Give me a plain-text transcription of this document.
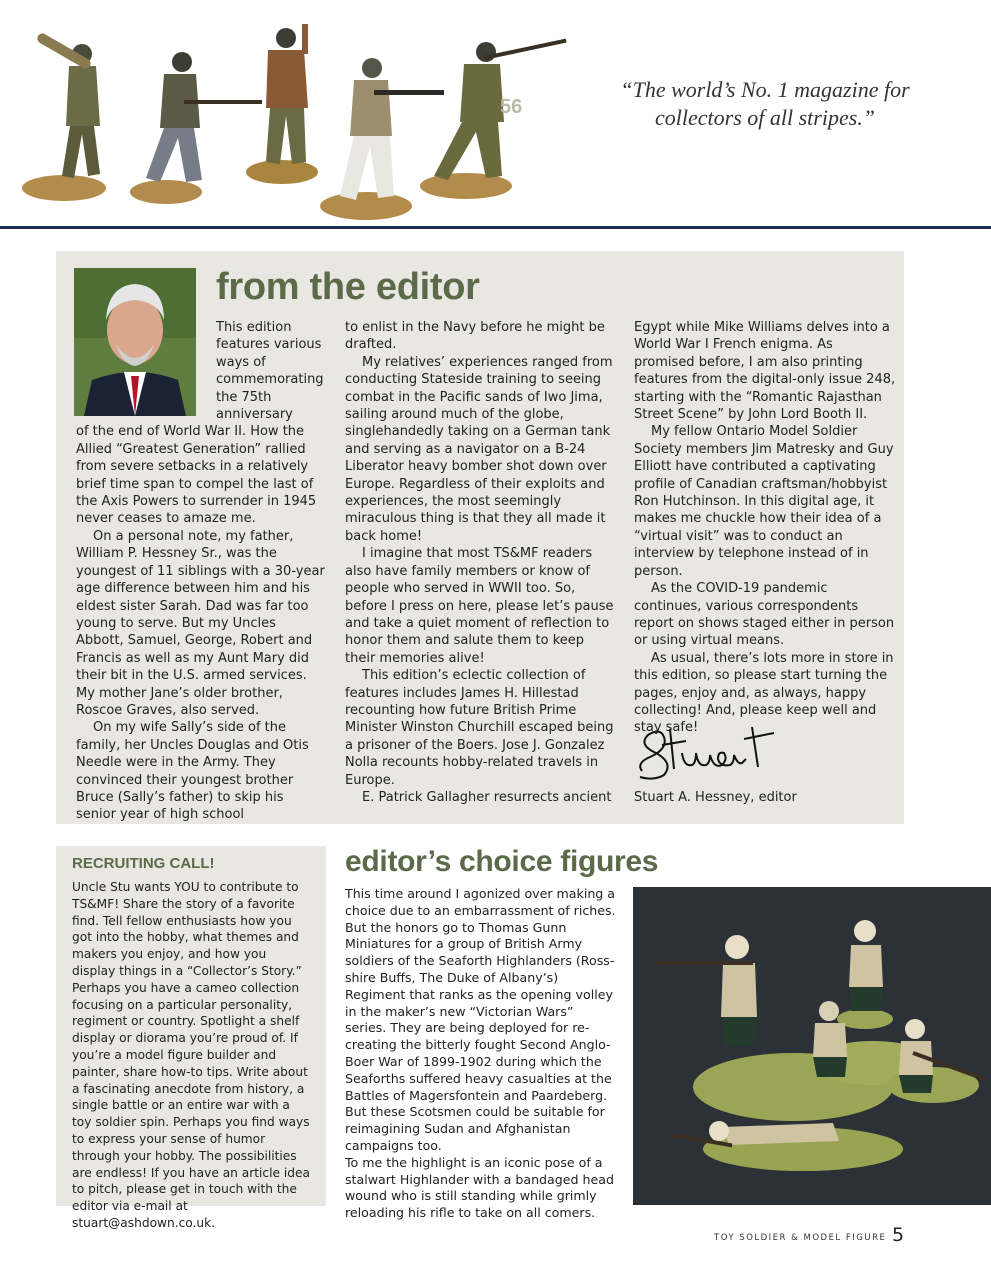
56
“The world’s No. 1 magazine for collectors of all stripes.”
from the editor

This edition features various ways of commemorating the 75th anniversary

of the end of World War II. How the Allied “Greatest Generation” rallied from severe setbacks in a relatively brief time span to compel the last of the Axis Powers to surrender in 1945 never ceases to amaze me.

On a personal note, my father, William P. Hessney Sr., was the youngest of 11 siblings with a 30-year age difference between him and his eldest sister Sarah. Dad was far too young to serve. But my Uncles Abbott, Samuel, George, Robert and Francis as well as my Aunt Mary did their bit in the U.S. armed services. My mother Jane’s older brother, Roscoe Graves, also served.

On my wife Sally’s side of the family, her Uncles Douglas and Otis Needle were in the Army. They convinced their youngest brother Bruce (Sally’s father) to skip his senior year of high school

to enlist in the Navy before he might be drafted.

My relatives’ experiences ranged from conducting Stateside training to seeing combat in the Pacific sands of Iwo Jima, sailing around much of the globe, singlehandedly taking on a German tank and serving as a navigator on a B-24 Liberator heavy bomber shot down over Europe. Regardless of their exploits and experiences, the most seemingly miraculous thing is that they all made it back home!

I imagine that most TS&MF readers also have family members or know of people who served in WWII too. So, before I press on here, please let’s pause and take a quiet moment of reflection to honor them and salute them to keep their memories alive!

This edition’s eclectic collection of features includes James H. Hillestad recounting how future British Prime Minister Winston Churchill escaped being a prisoner of the Boers. Jose J. Gonzalez Nolla recounts hobby-related travels in Europe.

E. Patrick Gallagher resurrects ancient

Egypt while Mike Williams delves into a World War I French enigma. As promised before, I am also printing features from the digital-only issue 248, starting with the “Romantic Rajasthan Street Scene” by John Lord Booth II.

My fellow Ontario Model Soldier Society members Jim Matresky and Guy Elliott have contributed a captivating profile of Canadian craftsman/hobbyist Ron Hutchinson. In this digital age, it makes me chuckle how their idea of a “virtual visit” was to conduct an interview by telephone instead of in person.

As the COVID-19 pandemic continues, various correspondents report on shows staged either in person or using virtual means.

As usual, there’s lots more in store in this edition, so please start turning the pages, enjoy and, as always, happy collecting! And, please keep well and stay safe!

Stuart A. Hessney, editor
RECRUITING CALL!

Uncle Stu wants YOU to contribute to TS&MF! Share the story of a favorite find. Tell fellow enthusiasts how you got into the hobby, what themes and makers you enjoy, and how you display things in a “Collector’s Story.” Perhaps you have a cameo collection focusing on a particular personality, regiment or country. Spotlight a shelf display or diorama you’re proud of. If you’re a model figure builder and painter, share how-to tips. Write about a fascinating anecdote from history, a single battle or an entire war with a toy soldier spin. Perhaps you find ways to express your sense of humor through your hobby. The possibilities are endless! If you have an article idea to pitch, please get in touch with the editor via e-mail at stuart@ashdown.co.uk.

editor’s choice figures

This time around I agonized over making a choice due to an embarrassment of riches. But the honors go to Thomas Gunn Miniatures for a group of British Army soldiers of the Seaforth Highlanders (Ross-shire Buffs, The Duke of Albany’s) Regiment that ranks as the opening volley in the maker’s new “Victorian Wars” series. They are being deployed for re-creating the bitterly fought Second Anglo-Boer War of 1899-1902 during which the Seaforths suffered heavy casualties at the Battles of Magersfontein and Paardeberg. But these Scotsmen could be suitable for reimagining Sudan and Afghanistan campaigns too.

To me the highlight is an iconic pose of a stalwart Highlander with a bandaged head wound who is still standing while grimly reloading his rifle to take on all comers.

TOY SOLDIER & MODEL FIGURE 5
